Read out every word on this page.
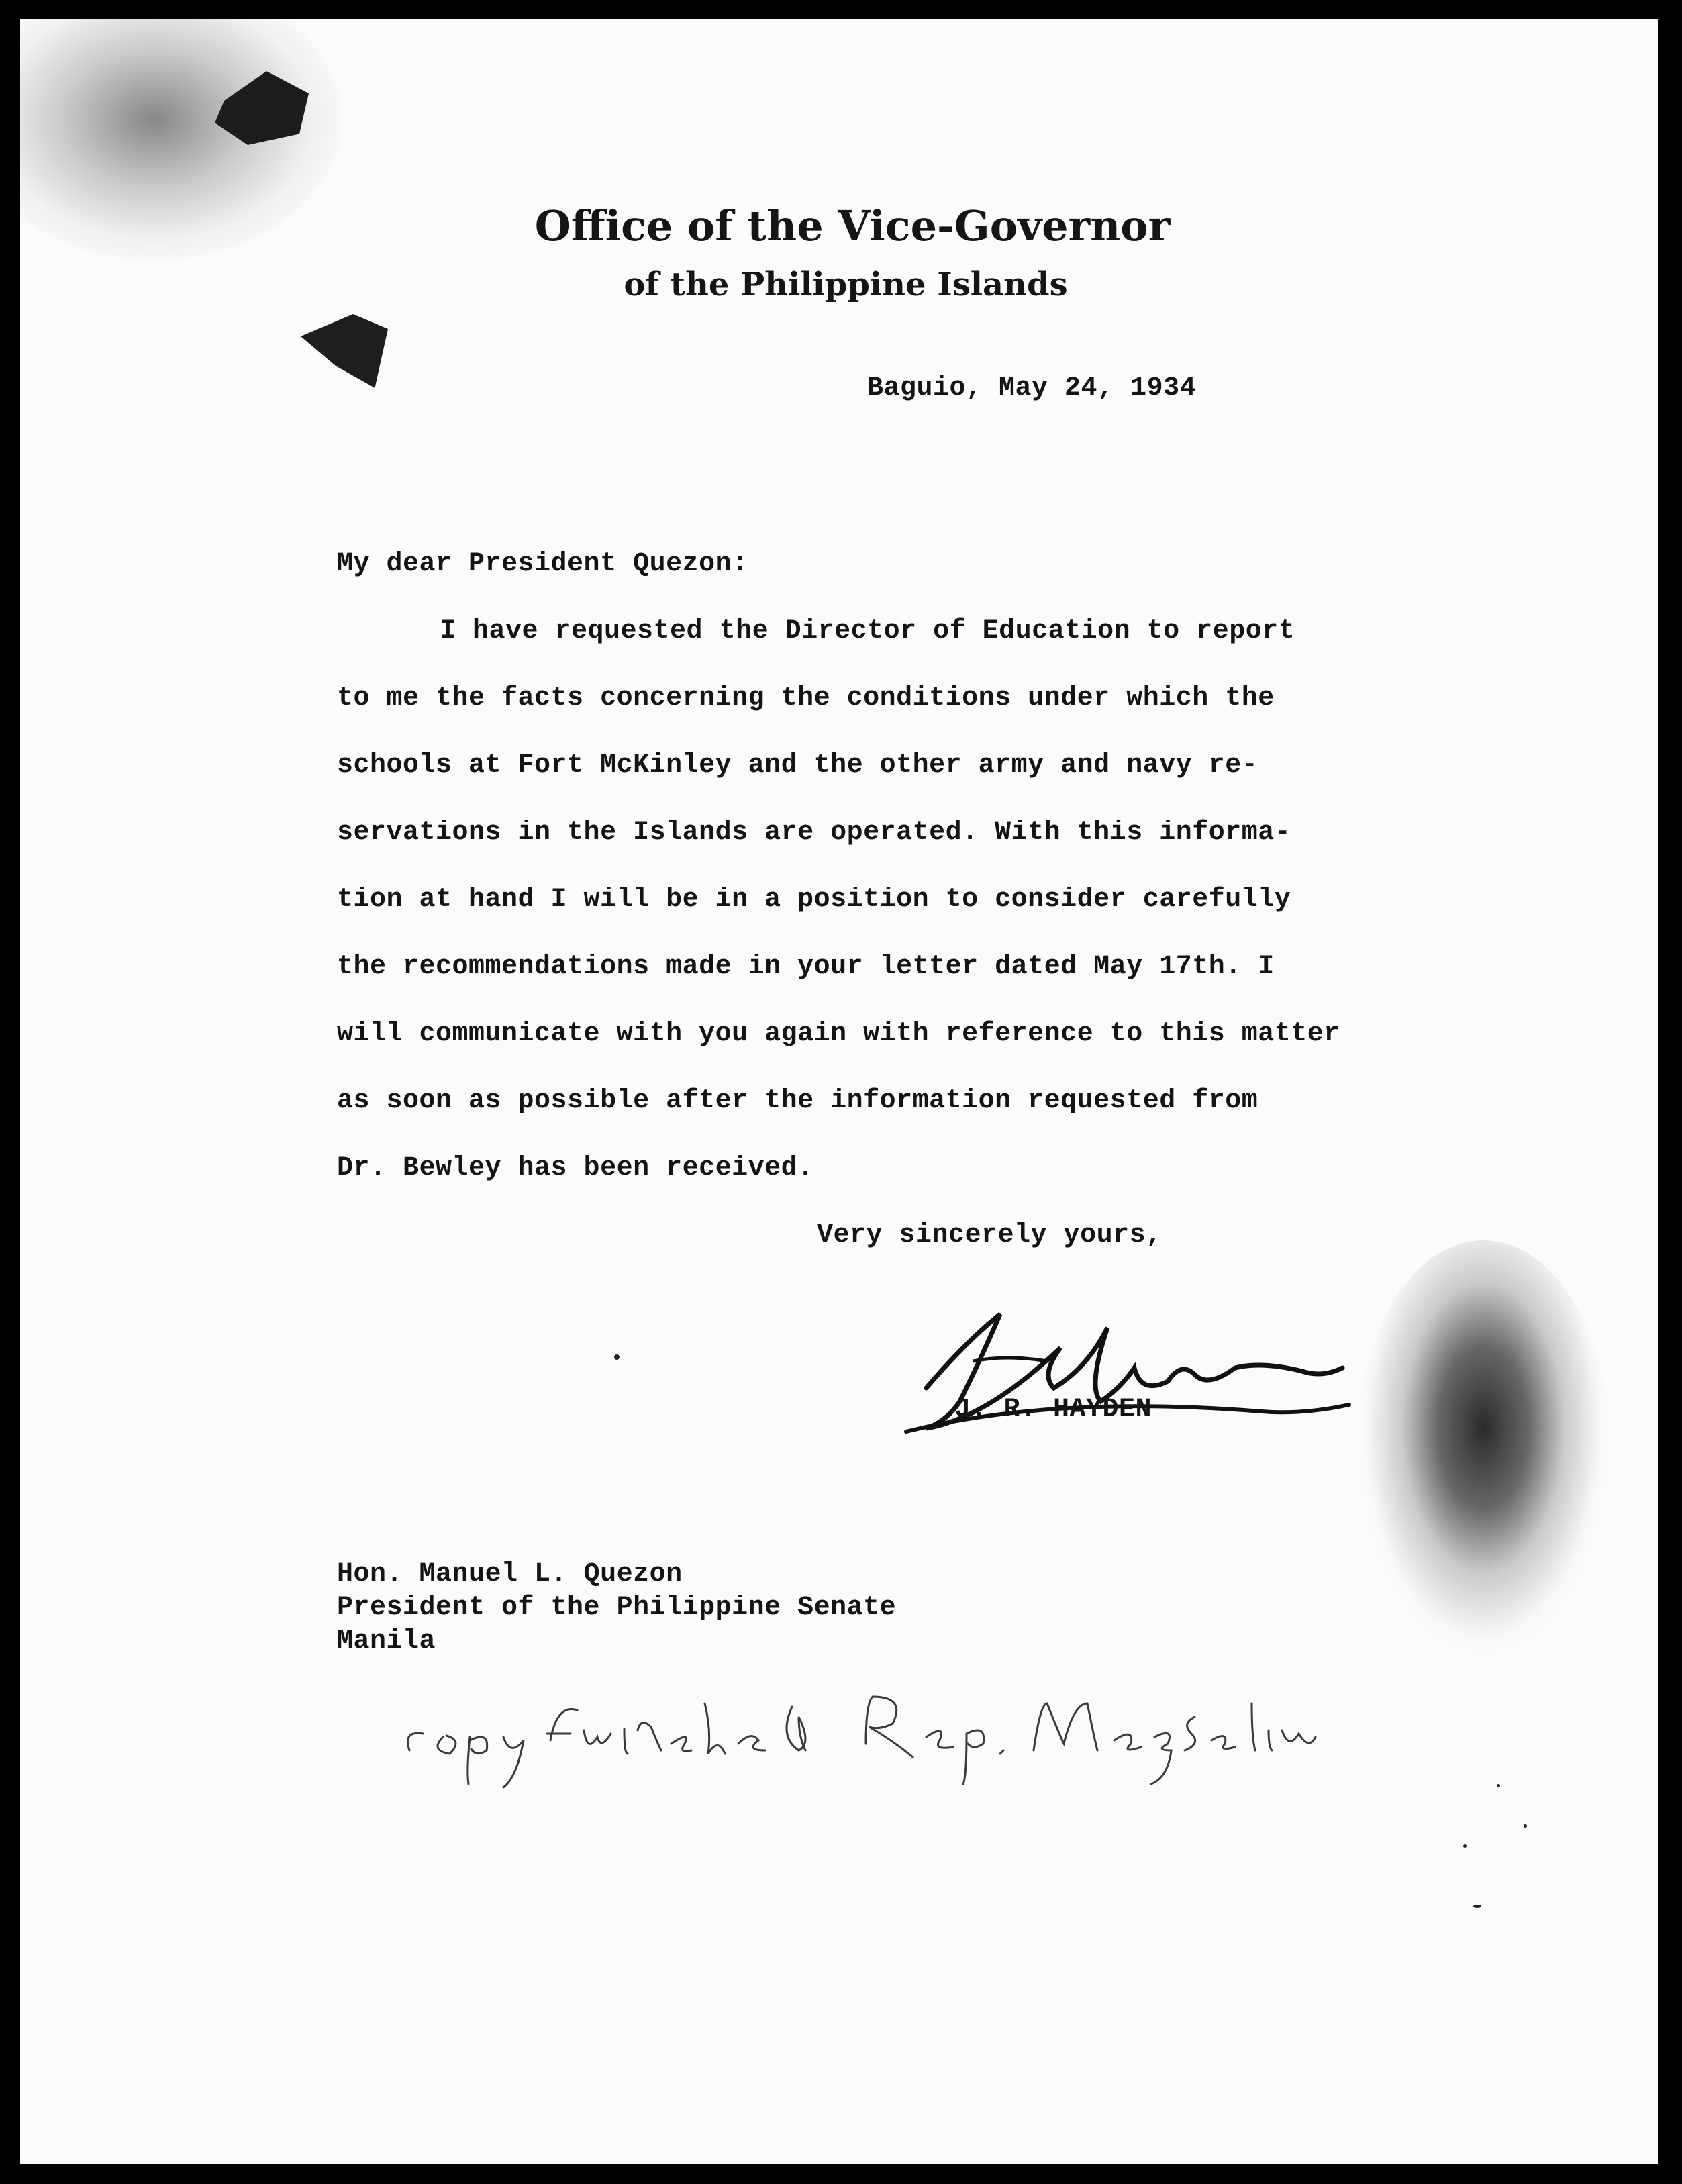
Office of the Vice-Governor
of the Philippine Islands
Baguio, May 24, 1934
My dear President Quezon:
I have requested the Director of Education to report
to me the facts concerning the conditions under which the
schools at Fort McKinley and the other army and navy re-
servations in the Islands are operated. With this informa-
tion at hand I will be in a position to consider carefully
the recommendations made in your letter dated May 17th. I
will communicate with you again with reference to this matter
as soon as possible after the information requested from
Dr. Bewley has been received.
Very sincerely yours,
J. R. HAYDEN
Hon. Manuel L. Quezon
President of the Philippine Senate
Manila
